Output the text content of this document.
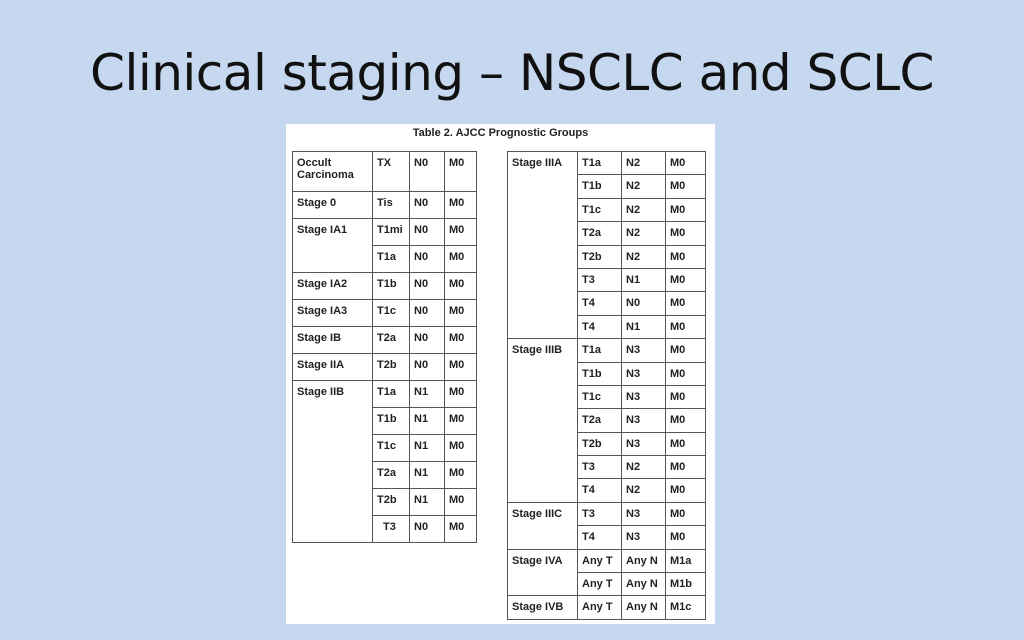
Clinical staging – NSCLC and SCLC
Table 2. AJCC Prognostic Groups
Occult
Carcinoma	TX	N0	M0
Stage 0	Tis	N0	M0
Stage IA1	T1mi	N0	M0
	T1a	N0	M0
Stage IA2	T1b	N0	M0
Stage IA3	T1c	N0	M0
Stage IB	T2a	N0	M0
Stage IIA	T2b	N0	M0
Stage IIB	T1a	N1	M0
	T1b	N1	M0
	T1c	N1	M0
	T2a	N1	M0
	T2b	N1	M0
	T3	N0	M0
Stage IIIA	T1a	N2	M0
	T1b	N2	M0
	T1c	N2	M0
	T2a	N2	M0
	T2b	N2	M0
	T3	N1	M0
	T4	N0	M0
	T4	N1	M0
Stage IIIB	T1a	N3	M0
	T1b	N3	M0
	T1c	N3	M0
	T2a	N3	M0
	T2b	N3	M0
	T3	N2	M0
	T4	N2	M0
Stage IIIC	T3	N3	M0
	T4	N3	M0
Stage IVA	Any T	Any N	M1a
	Any T	Any N	M1b
Stage IVB	Any T	Any N	M1c
